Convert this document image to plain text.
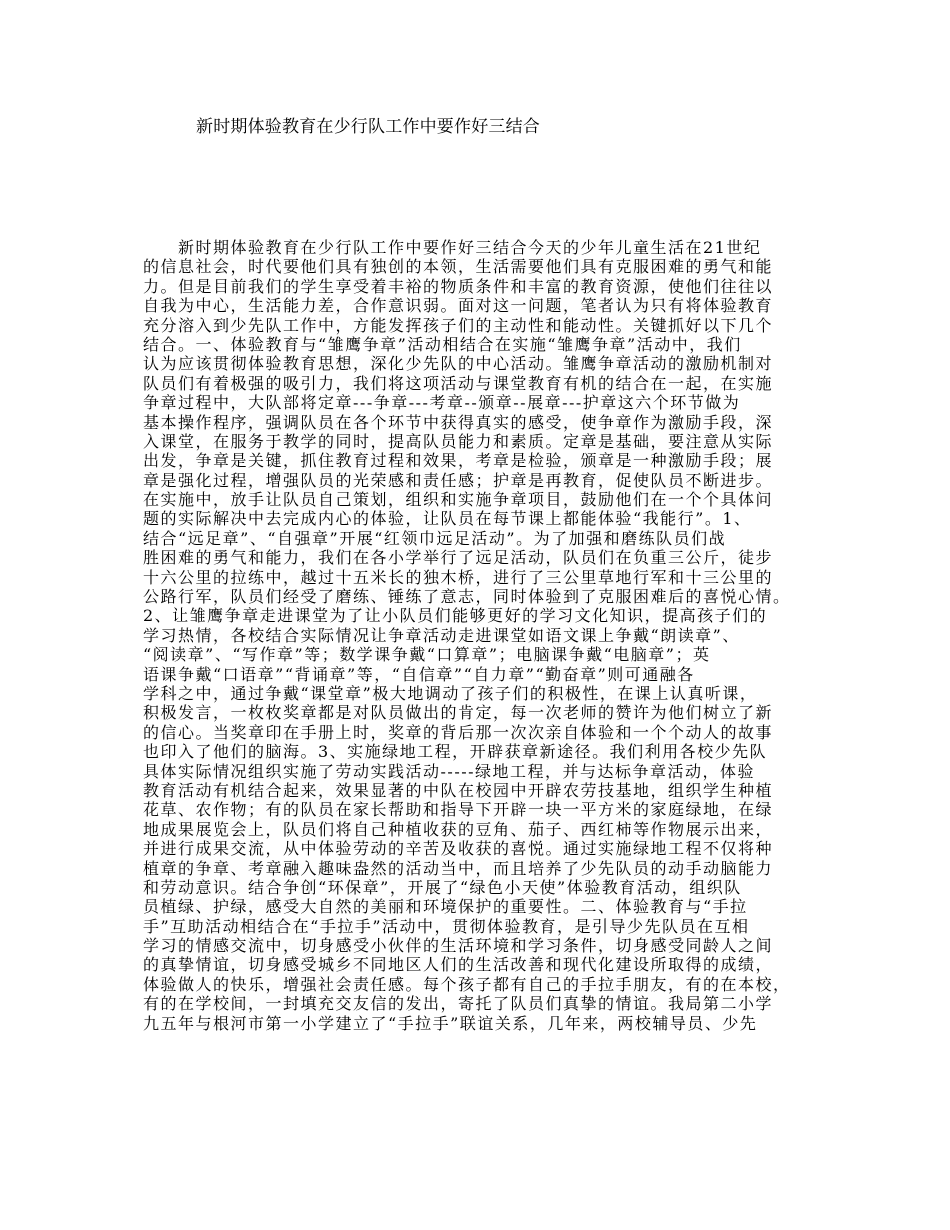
新时期体验教育在少行队工作中要作好三结合
　　新时期体验教育在少行队工作中要作好三结合今天的少年儿童生活在21世纪
的信息社会，时代要他们具有独创的本领，生活需要他们具有克服困难的勇气和能
力。但是目前我们的学生享受着丰裕的物质条件和丰富的教育资源，使他们往往以
自我为中心，生活能力差，合作意识弱。面对这一问题，笔者认为只有将体验教育
充分溶入到少先队工作中，方能发挥孩子们的主动性和能动性。关键抓好以下几个
结合。一、体验教育与“雏鹰争章”活动相结合在实施“雏鹰争章”活动中，我们
认为应该贯彻体验教育思想，深化少先队的中心活动。雏鹰争章活动的激励机制对
队员们有着极强的吸引力，我们将这项活动与课堂教育有机的结合在一起，在实施
争章过程中，大队部将定章---争章---考章--颁章--展章---护章这六个环节做为
基本操作程序，强调队员在各个环节中获得真实的感受，使争章作为激励手段，深
入课堂，在服务于教学的同时，提高队员能力和素质。定章是基础，要注意从实际
出发，争章是关键，抓住教育过程和效果，考章是检验，颁章是一种激励手段；展
章是强化过程，增强队员的光荣感和责任感；护章是再教育，促使队员不断进步。
在实施中，放手让队员自己策划，组织和实施争章项目，鼓励他们在一个个具体问
题的实际解决中去完成内心的体验，让队员在每节课上都能体验“我能行”。1、
结合“远足章”、“自强章”开展“红领巾远足活动”。为了加强和磨练队员们战
胜困难的勇气和能力，我们在各小学举行了远足活动，队员们在负重三公斤，徒步
十六公里的拉练中，越过十五米长的独木桥，进行了三公里草地行军和十三公里的
公路行军，队员们经受了磨练、锤练了意志，同时体验到了克服困难后的喜悦心情。
2、让雏鹰争章走进课堂为了让小队员们能够更好的学习文化知识，提高孩子们的
学习热情，各校结合实际情况让争章活动走进课堂如语文课上争戴“朗读章”、
“阅读章”、“写作章”等；数学课争戴“口算章”；电脑课争戴“电脑章”；英
语课争戴“口语章”“背诵章”等，“自信章”“自力章”“勤奋章”则可通融各
学科之中，通过争戴“课堂章”极大地调动了孩子们的积极性，在课上认真听课，
积极发言，一枚枚奖章都是对队员做出的肯定，每一次老师的赞许为他们树立了新
的信心。当奖章印在手册上时，奖章的背后那一次次亲自体验和一个个动人的故事
也印入了他们的脑海。3、实施绿地工程，开辟获章新途径。我们利用各校少先队
具体实际情况组织实施了劳动实践活动-----绿地工程，并与达标争章活动，体验
教育活动有机结合起来，效果显著的中队在校园中开辟农劳技基地，组织学生种植
花草、农作物；有的队员在家长帮助和指导下开辟一块一平方米的家庭绿地，在绿
地成果展览会上，队员们将自己种植收获的豆角、茄子、西红柿等作物展示出来，
并进行成果交流，从中体验劳动的辛苦及收获的喜悦。通过实施绿地工程不仅将种
植章的争章、考章融入趣味盎然的活动当中，而且培养了少先队员的动手动脑能力
和劳动意识。结合争创“环保章”，开展了“绿色小天使”体验教育活动，组织队
员植绿、护绿，感受大自然的美丽和环境保护的重要性。二、体验教育与“手拉
手”互助活动相结合在“手拉手”活动中，贯彻体验教育，是引导少先队员在互相
学习的情感交流中，切身感受小伙伴的生活环境和学习条件，切身感受同龄人之间
的真挚情谊，切身感受城乡不同地区人们的生活改善和现代化建设所取得的成绩，
体验做人的快乐，增强社会责任感。每个孩子都有自己的手拉手朋友，有的在本校，
有的在学校间，一封填充交友信的发出，寄托了队员们真挚的情谊。我局第二小学
九五年与根河市第一小学建立了“手拉手”联谊关系，几年来，两校辅导员、少先
